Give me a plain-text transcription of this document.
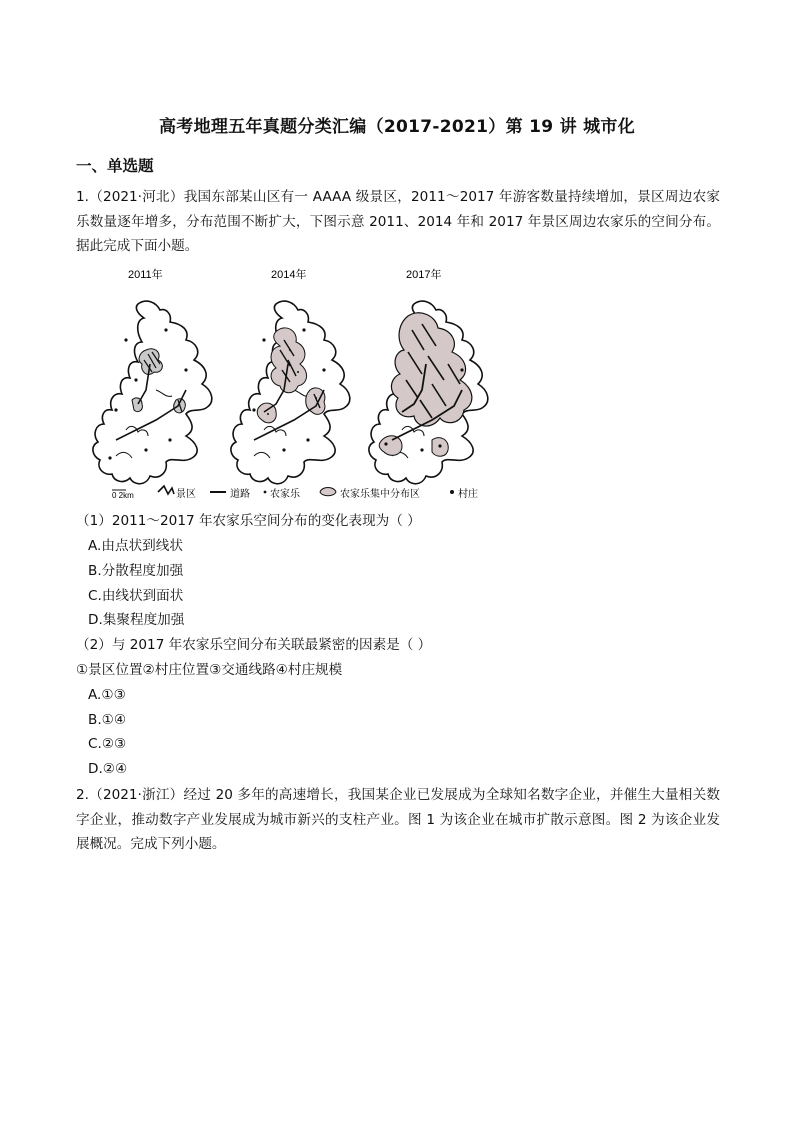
高考地理五年真题分类汇编（2017-2021）第 19 讲 城市化
一、单选题
1.（2021·河北）我国东部某山区有一 AAAA 级景区，2011～2017 年游客数量持续增加，景区周边农家乐数量逐年增多，分布范围不断扩大，下图示意 2011、2014 年和 2017 年景区周边农家乐的空间分布。据此完成下面小题。
2011年	2014年	2017年
0 2km	景区	道路 农家乐	农家乐集中分布区	村庄
（1）2011～2017 年农家乐空间分布的变化表现为（ ）
A.由点状到线状
B.分散程度加强
C.由线状到面状
D.集聚程度加强
（2）与 2017 年农家乐空间分布关联最紧密的因素是（ ）
①景区位置②村庄位置③交通线路④村庄规模
A.①③
B.①④
C.②③
D.②④
2.（2021·浙江）经过 20 多年的高速增长，我国某企业已发展成为全球知名数字企业，并催生大量相关数字企业，推动数字产业发展成为城市新兴的支柱产业。图 1 为该企业在城市扩散示意图。图 2 为该企业发展概况。完成下列小题。
